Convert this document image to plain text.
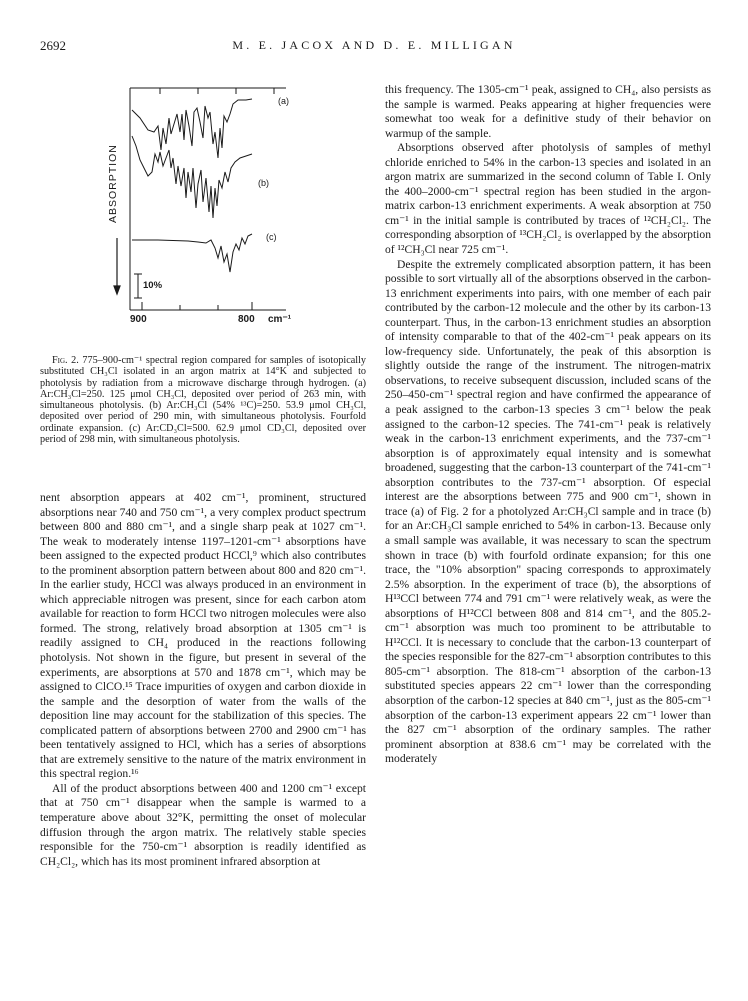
2692	M. E. JACOX AND D. E. MILLIGAN
ABSORPTION
(a)
(b)
(c)
10%
900	800 cm⁻¹

Fig. 2. 775–900-cm⁻¹ spectral region compared for samples of isotopically substituted CH₃Cl isolated in an argon matrix at 14°K and subjected to photolysis by radiation from a microwave discharge through hydrogen. (a) Ar:CH₃Cl=250. 125 μmol CH₃Cl, deposited over period of 263 min, with simultaneous photolysis. (b) Ar:CH₃Cl (54% ¹³C)=250. 53.9 μmol CH₃Cl, deposited over period of 290 min, with simultaneous photolysis. Fourfold ordinate expansion. (c) Ar:CD₃Cl=500. 62.9 μmol CD₃Cl, deposited over period of 298 min, with simultaneous photolysis.

nent absorption appears at 402 cm⁻¹, prominent, structured absorptions near 740 and 750 cm⁻¹, a very complex product spectrum between 800 and 880 cm⁻¹, and a single sharp peak at 1027 cm⁻¹. The weak to moderately intense 1197–1201-cm⁻¹ absorptions have been assigned to the expected product HCCl,⁹ which also contributes to the prominent absorption pattern between about 800 and 820 cm⁻¹. In the earlier study, HCCl was always produced in an environment in which appreciable nitrogen was present, since for each carbon atom available for reaction to form HCCl two nitrogen molecules were also formed. The strong, relatively broad absorption at 1305 cm⁻¹ is readily assigned to CH₄ produced in the reactions following photolysis. Not shown in the figure, but present in several of the experiments, are absorptions at 570 and 1878 cm⁻¹, which may be assigned to ClCO.¹⁵ Trace impurities of oxygen and carbon dioxide in the sample and the desorption of water from the walls of the deposition line may account for the stabilization of this species. The complicated pattern of absorptions between 2700 and 2900 cm⁻¹ has been tentatively assigned to HCl, which has a series of absorptions that are extremely sensitive to the nature of the matrix environment in this spectral region.¹⁶

All of the product absorptions between 400 and 1200 cm⁻¹ except that at 750 cm⁻¹ disappear when the sample is warmed to a temperature above about 32°K, permitting the onset of molecular diffusion through the argon matrix. The relatively stable species responsible for the 750-cm⁻¹ absorption is readily identified as CH₂Cl₂, which has its most prominent infrared absorption at

this frequency. The 1305-cm⁻¹ peak, assigned to CH₄, also persists as the sample is warmed. Peaks appearing at higher frequencies were somewhat too weak for a definitive study of their behavior on warmup of the sample.

Absorptions observed after photolysis of samples of methyl chloride enriched to 54% in the carbon-13 species and isolated in an argon matrix are summarized in the second column of Table I. Only the 400–2000-cm⁻¹ spectral region has been studied in the argon-matrix carbon-13 enrichment experiments. A weak absorption at 750 cm⁻¹ in the initial sample is contributed by traces of ¹²CH₂Cl₂. The corresponding absorption of ¹³CH₂Cl₂ is overlapped by the absorption of ¹²CH₃Cl near 725 cm⁻¹.

Despite the extremely complicated absorption pattern, it has been possible to sort virtually all of the absorptions observed in the carbon-13 enrichment experiments into pairs, with one member of each pair contributed by the carbon-12 molecule and the other by its carbon-13 counterpart. Thus, in the carbon-13 enrichment studies an absorption of intensity comparable to that of the 402-cm⁻¹ peak appears on its low-frequency side. Unfortunately, the peak of this absorption is slightly outside the range of the instrument. The nitrogen-matrix observations, to receive subsequent discussion, included scans of the 250–450-cm⁻¹ spectral region and have confirmed the appearance of a peak assigned to the carbon-13 species 3 cm⁻¹ below the peak assigned to the carbon-12 species. The 741-cm⁻¹ peak is relatively weak in the carbon-13 enrichment experiments, and the 737-cm⁻¹ absorption is of approximately equal intensity and is somewhat broadened, suggesting that the carbon-13 counterpart of the 741-cm⁻¹ absorption contributes to the 737-cm⁻¹ absorption. Of especial interest are the absorptions between 775 and 900 cm⁻¹, shown in trace (a) of Fig. 2 for a photolyzed Ar:CH₃Cl sample and in trace (b) for an Ar:CH₃Cl sample enriched to 54% in carbon-13. Because only a small sample was available, it was necessary to scan the spectrum shown in trace (b) with fourfold ordinate expansion; for this one trace, the "10% absorption" spacing corresponds to approximately 2.5% absorption. In the experiment of trace (b), the absorptions of H¹³CCl between 774 and 791 cm⁻¹ were relatively weak, as were the absorptions of H¹²CCl between 808 and 814 cm⁻¹, and the 805.2-cm⁻¹ absorption was much too prominent to be attributable to H¹²CCl. It is necessary to conclude that the carbon-13 counterpart of the species responsible for the 827-cm⁻¹ absorption contributes to this 805-cm⁻¹ absorption. The 818-cm⁻¹ absorption of the carbon-13 substituted species appears 22 cm⁻¹ lower than the corresponding absorption of the carbon-12 species at 840 cm⁻¹, just as the 805-cm⁻¹ absorption of the carbon-13 experiment appears 22 cm⁻¹ lower than the 827 cm⁻¹ absorption of the ordinary samples. The rather prominent absorption at 838.6 cm⁻¹ may be correlated with the moderately
